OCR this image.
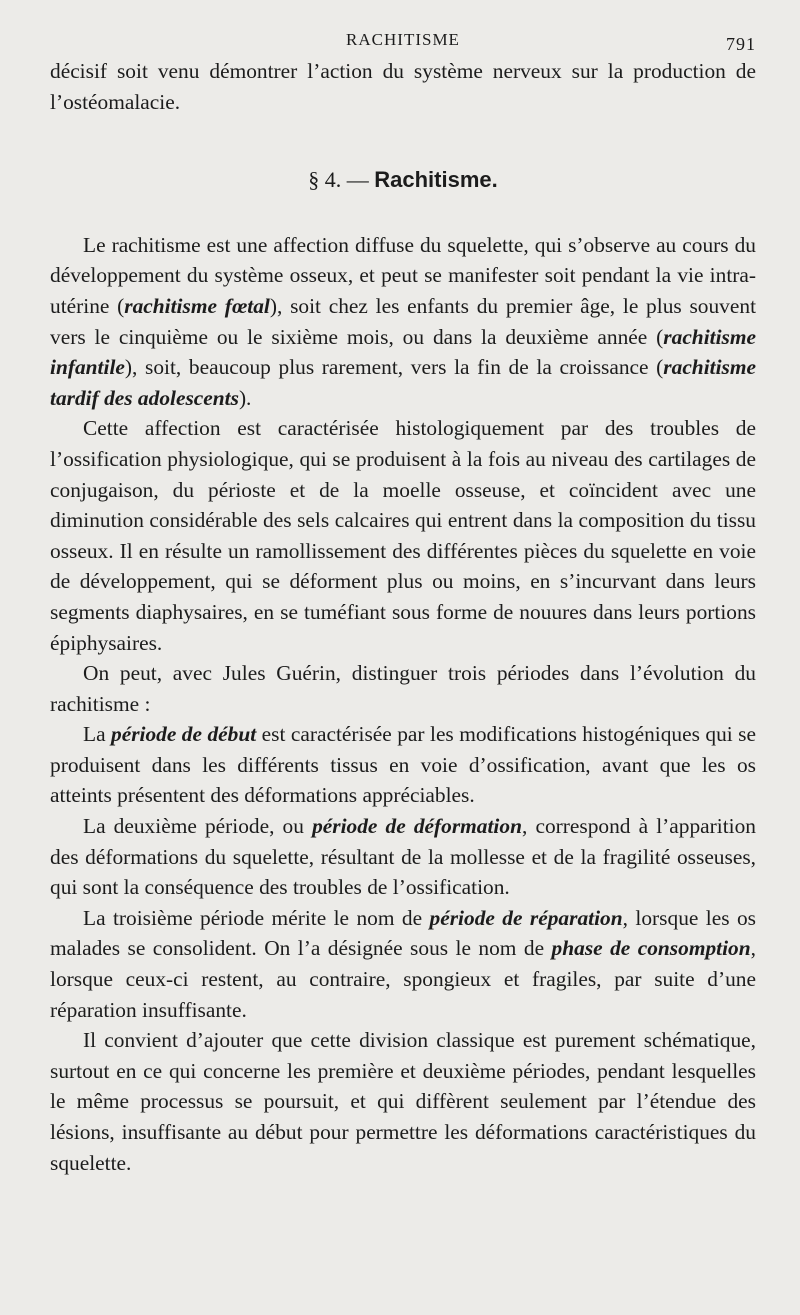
RACHITISME	791

décisif soit venu démontrer l’action du système nerveux sur la production de l’ostéomalacie.

§ 4. — Rachitisme.

Le rachitisme est une affection diffuse du squelette, qui s’observe au cours du développement du système osseux, et peut se manifester soit pendant la vie intra-utérine (rachitisme fœtal), soit chez les enfants du premier âge, le plus souvent vers le cinquième ou le sixième mois, ou dans la deuxième année (rachitisme infantile), soit, beaucoup plus rarement, vers la fin de la croissance (rachitisme tardif des adolescents).

Cette affection est caractérisée histologiquement par des troubles de l’ossification physiologique, qui se produisent à la fois au niveau des cartilages de conjugaison, du périoste et de la moelle osseuse, et coïncident avec une diminution considérable des sels calcaires qui entrent dans la composition du tissu osseux. Il en résulte un ramollissement des différentes pièces du squelette en voie de développement, qui se déforment plus ou moins, en s’incurvant dans leurs segments diaphysaires, en se tuméfiant sous forme de nouures dans leurs portions épiphysaires.

On peut, avec Jules Guérin, distinguer trois périodes dans l’évolution du rachitisme :

La période de début est caractérisée par les modifications histogéniques qui se produisent dans les différents tissus en voie d’ossification, avant que les os atteints présentent des déformations appréciables.

La deuxième période, ou période de déformation, correspond à l’apparition des déformations du squelette, résultant de la mollesse et de la fragilité osseuses, qui sont la conséquence des troubles de l’ossification.

La troisième période mérite le nom de période de réparation, lorsque les os malades se consolident. On l’a désignée sous le nom de phase de consomption, lorsque ceux-ci restent, au contraire, spongieux et fragiles, par suite d’une réparation insuffisante.

Il convient d’ajouter que cette division classique est purement schématique, surtout en ce qui concerne les première et deuxième périodes, pendant lesquelles le même processus se poursuit, et qui diffèrent seulement par l’étendue des lésions, insuffisante au début pour permettre les déformations caractéristiques du squelette.
